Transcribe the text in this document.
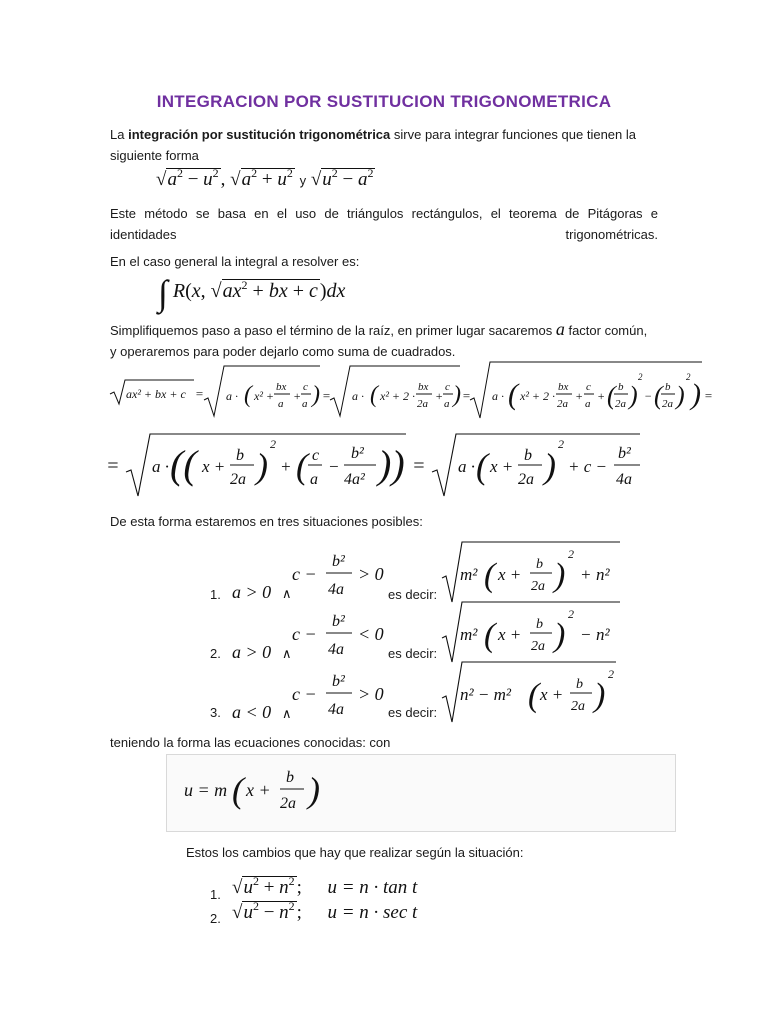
INTEGRACION POR SUSTITUCION TRIGONOMETRICA
La integración por sustitución trigonométrica sirve para integrar funciones que tienen la siguiente forma
$√a^2 - u^2$ , $√a^2 + u^2$ y $√u^2 - a^2$
Este método se basa en el uso de triángulos rectángulos, el teorema de Pitágoras e identidades trigonométricas.
En el caso general la integral a resolver es:
∫ R(x, $√ax^2$ + bx + c )dx
Simplifiquemos paso a paso el término de la raíz, en primer lugar sacaremos a factor común,
y operaremos para poder dejarlo como suma de cuadrados.
ax² + bx + c = a · ( x² +
bx
a
+
c
a ) = a · ( x² + 2 ·
bx
2a
+
c
a ) = a · ( x² + 2 ·
bx
2a
+
c
a
+ ( b
2a )
2
− ( b
2a )
2
) =
= a · (( x +
b
2a )
2
+ ( c
a
−
b²
4a² )) = a · ( x +
b
2a )
2
+ c −
b²
4a
De esta forma estaremos en tres situaciones posibles:
1. a > 0 ∧
c −
b²
4a
> 0
es decir:
m² ( x +
b
2a )
2
+ n²
2. a > 0 ∧
c −
b²
4a
< 0
es decir:
m² ( x +
b
2a )
2
− n²
3. a < 0 ∧
c −
b²
4a
> 0
es decir:
n² − m² ( x +
b
2a )
2
teniendo la forma las ecuaciones conocidas: con
u = m ( x +
b
2a )
Estos los cambios que hay que realizar según la situación:
1. $√u^2 + n^2$ ; u = n · tan t
2. $√u^2 - n^2$ ; u = n · sec t
